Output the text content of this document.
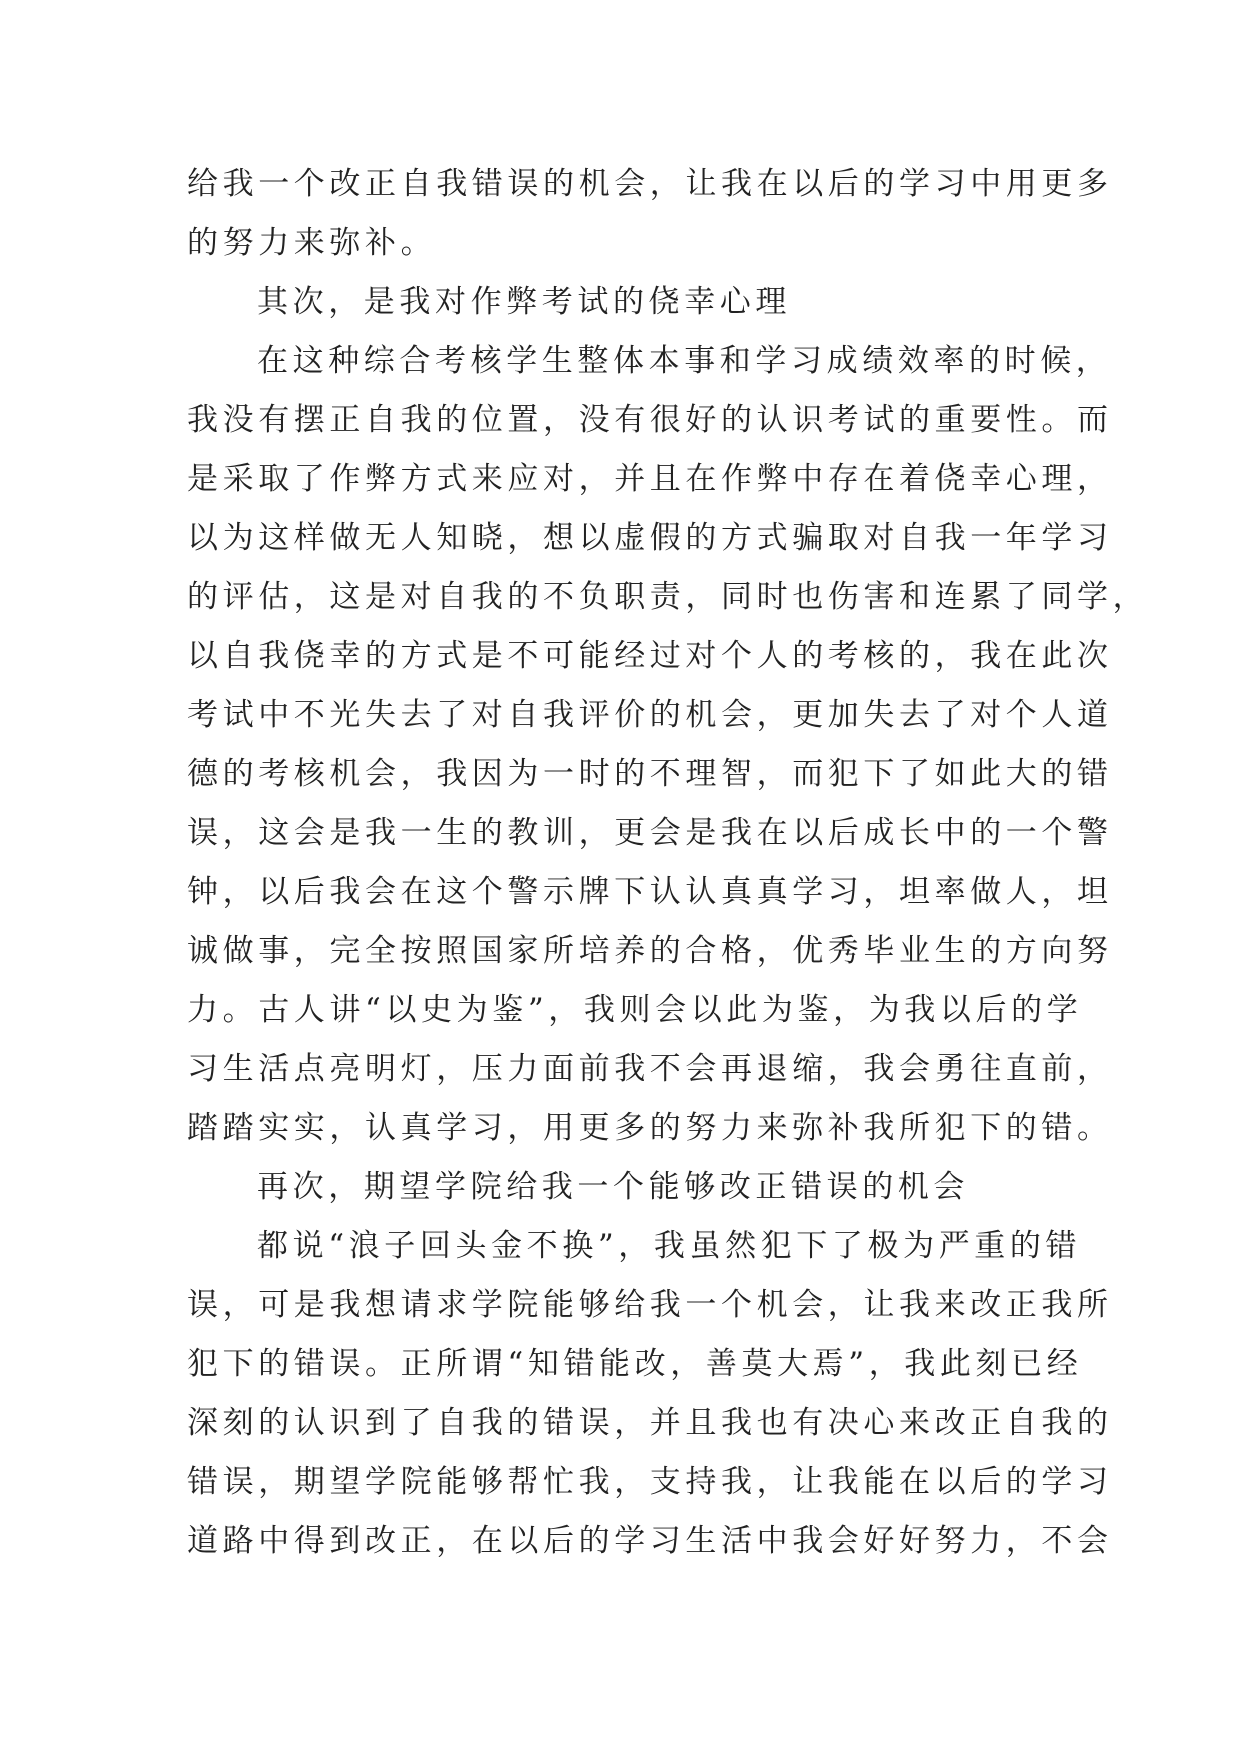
给我一个改正自我错误的机会，让我在以后的学习中用更多
的努力来弥补。
其次，是我对作弊考试的侥幸心理
在这种综合考核学生整体本事和学习成绩效率的时候，
我没有摆正自我的位置，没有很好的认识考试的重要性。而
是采取了作弊方式来应对，并且在作弊中存在着侥幸心理，
以为这样做无人知晓，想以虚假的方式骗取对自我一年学习
的评估，这是对自我的不负职责，同时也伤害和连累了同学，
以自我侥幸的方式是不可能经过对个人的考核的，我在此次
考试中不光失去了对自我评价的机会，更加失去了对个人道
德的考核机会，我因为一时的不理智，而犯下了如此大的错
误，这会是我一生的教训，更会是我在以后成长中的一个警
钟，以后我会在这个警示牌下认认真真学习，坦率做人，坦
诚做事，完全按照国家所培养的合格，优秀毕业生的方向努
力。古人讲“以史为鉴”，我则会以此为鉴，为我以后的学
习生活点亮明灯，压力面前我不会再退缩，我会勇往直前，
踏踏实实，认真学习，用更多的努力来弥补我所犯下的错。
再次，期望学院给我一个能够改正错误的机会
都说“浪子回头金不换”，我虽然犯下了极为严重的错
误，可是我想请求学院能够给我一个机会，让我来改正我所
犯下的错误。正所谓“知错能改，善莫大焉”，我此刻已经
深刻的认识到了自我的错误，并且我也有决心来改正自我的
错误，期望学院能够帮忙我，支持我，让我能在以后的学习
道路中得到改正，在以后的学习生活中我会好好努力，不会
